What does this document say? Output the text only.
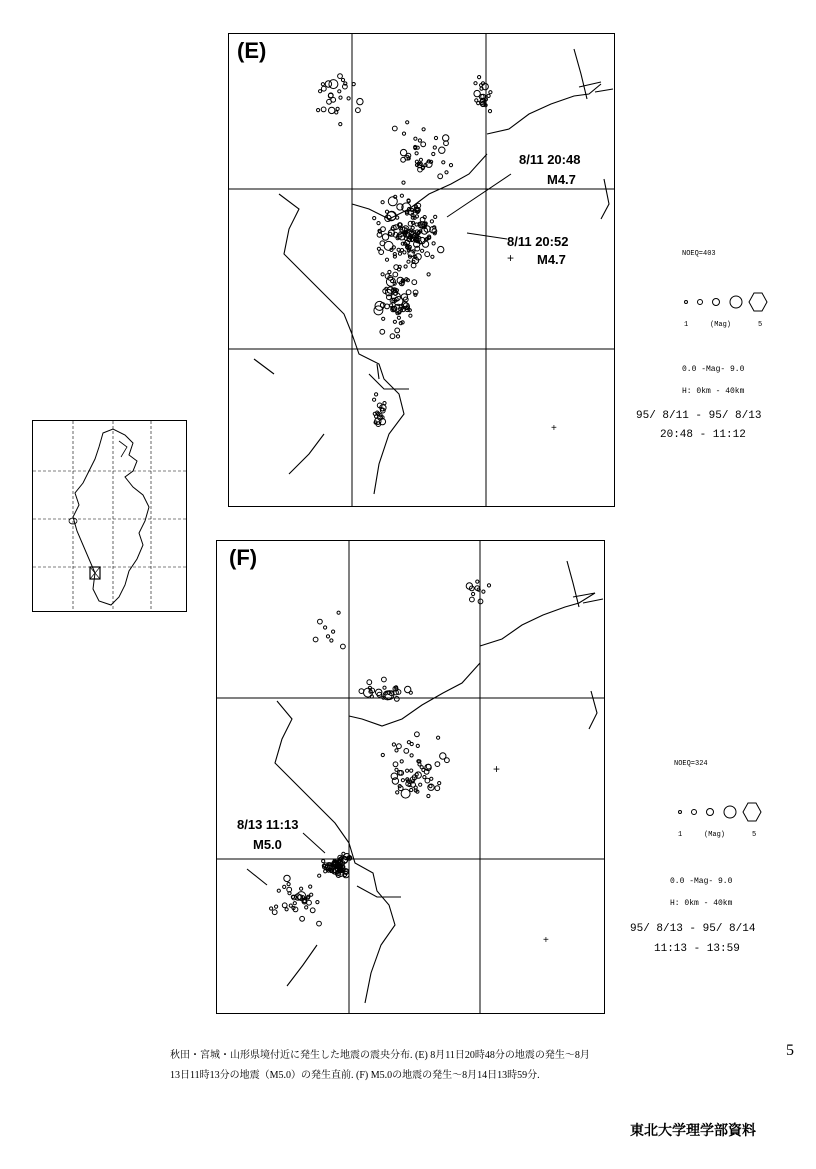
+
+
(E)
8/11 20:48
M4.7
8/11 20:52
M4.7	NOEQ=403
1	(Mag)	5
0.0 -Mag- 9.0
H: 0km - 40km
95/ 8/11 - 95/ 8/13
20:48 - 11:12
+
+
(F)
8/13 11:13
M5.0
NOEQ=324
1	(Mag)	5
0.0 -Mag- 9.0
H: 0km - 40km
95/ 8/13 - 95/ 8/14
11:13 - 13:59
秋田・宮城・山形県境付近に発生した地震の震央分布. (E) 8月11日20時48分の地震の発生～8月
13日11時13分の地震（M5.0）の発生直前. (F) M5.0の地震の発生～8月14日13時59分.
5
東北大学理学部資料
